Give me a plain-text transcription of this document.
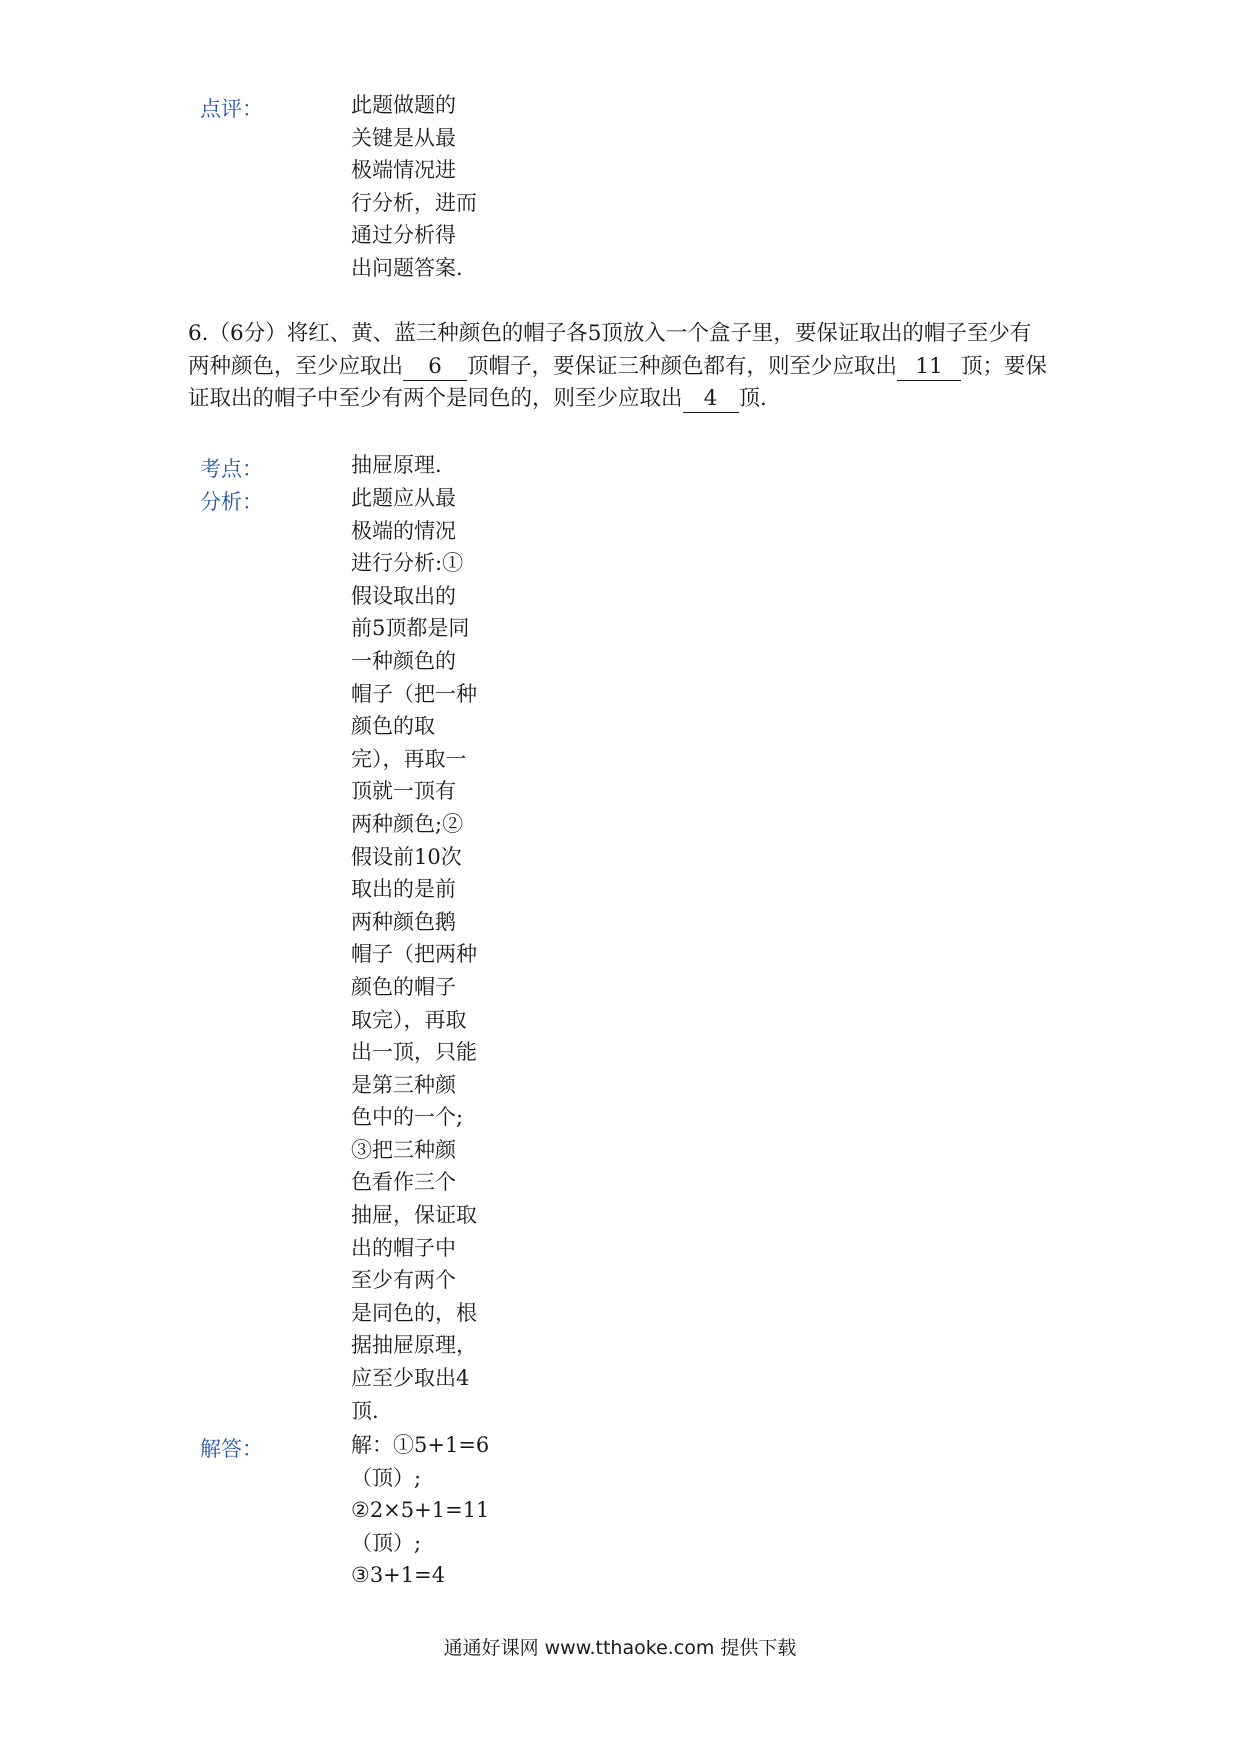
点评：	此题做题的
关键是从最
极端情况进
行分析，进而
通过分析得
出问题答案.
6.（6分）将红、黄、蓝三种颜色的帽子各5顶放入一个盒子里，要保证取出的帽子至少有
两种颜色，至少应取出 6 顶帽子，要保证三种颜色都有，则至少应取出 11 顶；要保
证取出的帽子中至少有两个是同色的，则至少应取出 4 顶.
考点：	抽屉原理.
分析：	此题应从最
极端的情况
进行分析:①
假设取出的
前5顶都是同
一种颜色的
帽子（把一种
颜色的取
完），再取一
顶就一顶有
两种颜色;②
假设前10次
取出的是前
两种颜色鹅
帽子（把两种
颜色的帽子
取完），再取
出一顶，只能
是第三种颜
色中的一个;
③把三种颜
色看作三个
抽屉，保证取
出的帽子中
至少有两个
是同色的，根
据抽屉原理，
应至少取出4
顶.
解答：	解：①5+1=6
（顶）;
②2×5+1=11
（顶）;
③3+1=4
通通好课网 www.tthaoke.com 提供下载
